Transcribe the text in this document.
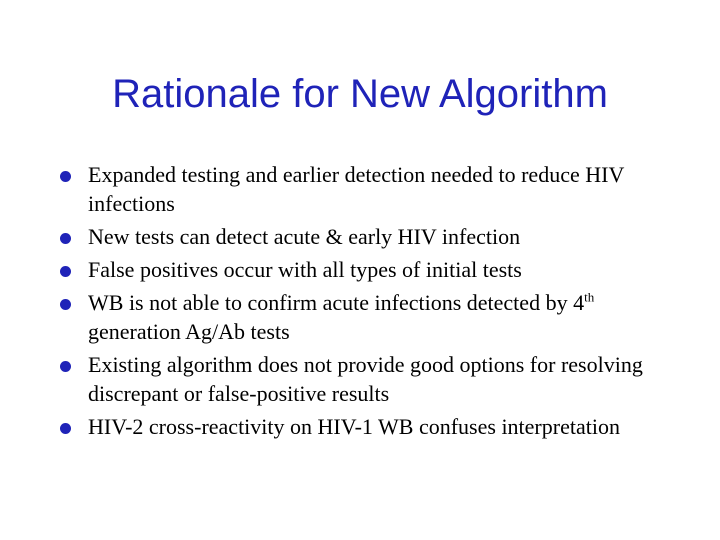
Rationale for New Algorithm
Expanded testing and earlier detection needed to reduce HIV infections
New tests can detect acute & early HIV infection
False positives occur with all types of initial tests
WB is not able to confirm acute infections detected by 4th generation Ag/Ab tests
Existing algorithm does not provide good options for resolving discrepant or false-positive results
HIV-2 cross-reactivity on HIV-1 WB confuses interpretation
